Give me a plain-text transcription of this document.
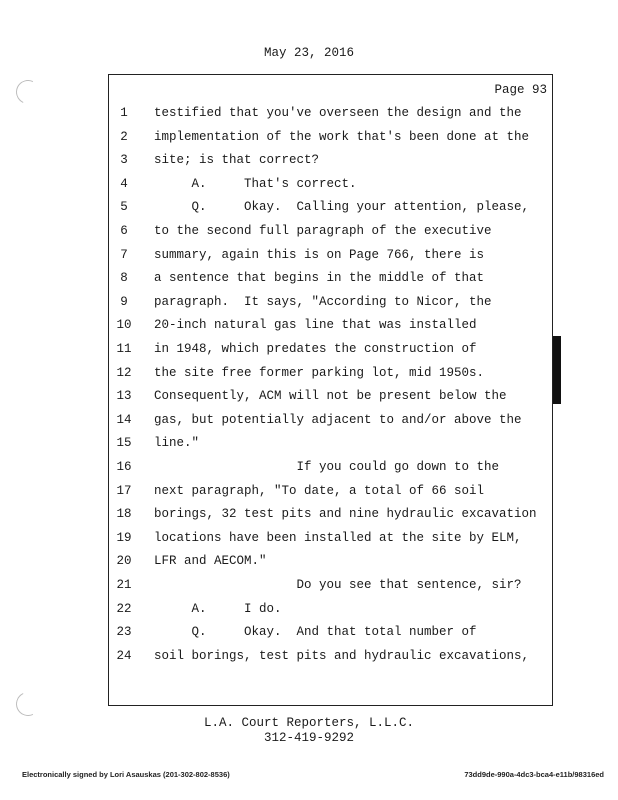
May 23, 2016
Page 93
1	testified that you've overseen the design and the
2	implementation of the work that's been done at the
3	site; is that correct?
4	A.     That's correct.
5	Q.     Okay.  Calling your attention, please,
6	to the second full paragraph of the executive
7	summary, again this is on Page 766, there is
8	a sentence that begins in the middle of that
9	paragraph.  It says, "According to Nicor, the
10	20-inch natural gas line that was installed
11	in 1948, which predates the construction of
12	the site free former parking lot, mid 1950s.
13	Consequently, ACM will not be present below the
14	gas, but potentially adjacent to and/or above the
15	line."
16	If you could go down to the
17	next paragraph, "To date, a total of 66 soil
18	borings, 32 test pits and nine hydraulic excavation
19	locations have been installed at the site by ELM,
20	LFR and AECOM."
21	Do you see that sentence, sir?
22	A.     I do.
23	Q.     Okay.  And that total number of
24	soil borings, test pits and hydraulic excavations,
L.A. Court Reporters, L.L.C.
312-419-9292
Electronically signed by Lori Asauskas (201-302-802-8536)	73dd9de-990a-4dc3-bca4-e11b/98316ed
